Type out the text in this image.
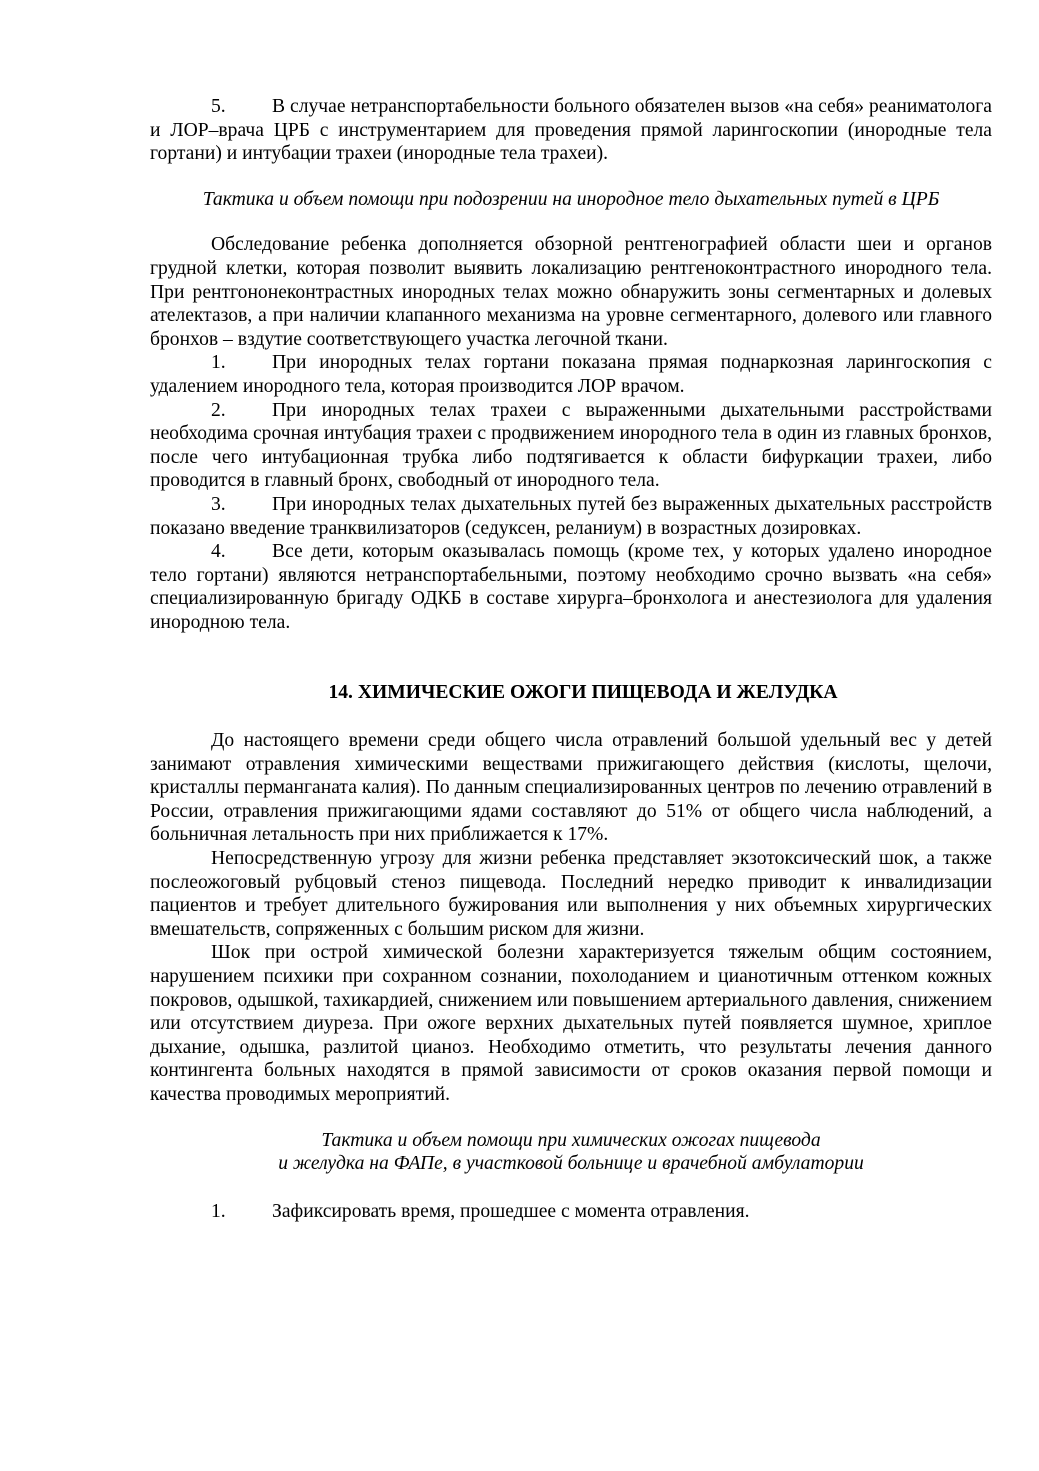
5. В случае нетранспортабельности больного обязателен вызов «на себя» реаниматолога и ЛОР–врача ЦРБ с инструментарием для проведения прямой ларингоскопии (инородные тела гортани) и интубации трахеи (инородные тела трахеи).

Тактика и объем помощи при подозрении на инородное тело дыхательных путей в ЦРБ

Обследование ребенка дополняется обзорной рентгенографией области шеи и органов грудной клетки, которая позволит выявить локализацию рентгеноконтрастного инородного тела. При рентгононеконтрастных инородных телах можно обнаружить зоны сегментарных и долевых ателектазов, а при наличии клапанного механизма на уровне сегментарного, долевого или главного бронхов – вздутие соответствующего участка легочной ткани.

1. При инородных телах гортани показана прямая поднаркозная ларингоскопия с удалением инородного тела, которая производится ЛОР врачом.

2. При инородных телах трахеи с выраженными дыхательными расстройствами необходима срочная интубация трахеи с продвижением инородного тела в один из главных бронхов, после чего интубационная трубка либо подтягивается к области бифуркации трахеи, либо проводится в главный бронх, свободный от инородного тела.

3. При инородных телах дыхательных путей без выраженных дыхательных расстройств показано введение транквилизаторов (седуксен, реланиум) в возрастных дозировках.

4. Все дети, которым оказывалась помощь (кроме тех, у которых удалено инородное тело гортани) являются нетранспортабельными, поэтому необходимо срочно вызвать «на себя» специализированную бригаду ОДКБ в составе хирурга–бронхолога и анестезиолога для удаления инородною тела.

14. ХИМИЧЕСКИЕ ОЖОГИ ПИЩЕВОДА И ЖЕЛУДКА

До настоящего времени среди общего числа отравлений большой удельный вес у детей занимают отравления химическими веществами прижигающего действия (кислоты, щелочи, кристаллы перманганата калия). По данным специализированных центров по лечению отравлений в России, отравления прижигающими ядами составляют до 51% от общего числа наблюдений, а больничная летальность при них приближается к 17%.

Непосредственную угрозу для жизни ребенка представляет экзотоксический шок, а также послеожоговый рубцовый стеноз пищевода. Последний нередко приводит к инвалидизации пациентов и требует длительного бужирования или выполнения у них объемных хирургических вмешательств, сопряженных с большим риском для жизни.

Шок при острой химической болезни характеризуется тяжелым общим состоянием, нарушением психики при сохранном сознании, похолоданием и цианотичным оттенком кожных покровов, одышкой, тахикардией, снижением или повышением артериального давления, снижением или отсутствием диуреза. При ожоге верхних дыхательных путей появляется шумное, хриплое дыхание, одышка, разлитой цианоз. Необходимо отметить, что результаты лечения данного контингента больных находятся в прямой зависимости от сроков оказания первой помощи и качества проводимых мероприятий.

Тактика и объем помощи при химических ожогах пищевода
и желудка на ФАПе, в участковой больнице и врачебной амбулатории

1. Зафиксировать время, прошедшее с момента отравления.
